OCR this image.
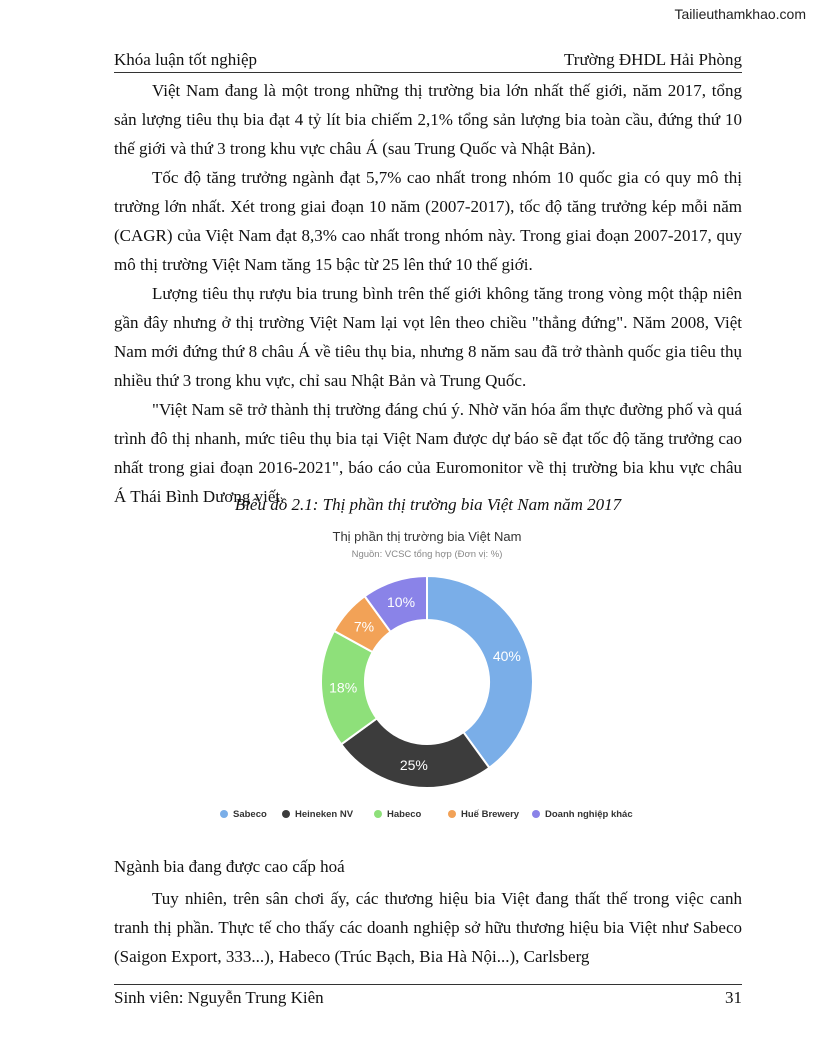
Tailieuthamkhao.com
Khóa luận tốt nghiệp	Trường ĐHDL Hải Phòng

Việt Nam đang là một trong những thị trường bia lớn nhất thế giới, năm 2017, tổng sản lượng tiêu thụ bia đạt 4 tỷ lít bia chiếm 2,1% tổng sản lượng bia toàn cầu, đứng thứ 10 thế giới và thứ 3 trong khu vực châu Á (sau Trung Quốc và Nhật Bản).

Tốc độ tăng trưởng ngành đạt 5,7% cao nhất trong nhóm 10 quốc gia có quy mô thị trường lớn nhất. Xét trong giai đoạn 10 năm (2007-2017), tốc độ tăng trưởng kép mỗi năm (CAGR) của Việt Nam đạt 8,3% cao nhất trong nhóm này. Trong giai đoạn 2007-2017, quy mô thị trường Việt Nam tăng 15 bậc từ 25 lên thứ 10 thế giới.

Lượng tiêu thụ rượu bia trung bình trên thế giới không tăng trong vòng một thập niên gần đây nhưng ở thị trường Việt Nam lại vọt lên theo chiều "thẳng đứng". Năm 2008, Việt Nam mới đứng thứ 8 châu Á về tiêu thụ bia, nhưng 8 năm sau đã trở thành quốc gia tiêu thụ nhiều thứ 3 trong khu vực, chỉ sau Nhật Bản và Trung Quốc.

"Việt Nam sẽ trở thành thị trường đáng chú ý. Nhờ văn hóa ẩm thực đường phố và quá trình đô thị nhanh, mức tiêu thụ bia tại Việt Nam được dự báo sẽ đạt tốc độ tăng trưởng cao nhất trong giai đoạn 2016-2021", báo cáo của Euromonitor về thị trường bia khu vực châu Á Thái Bình Dương viết.

Biểu đồ 2.1: Thị phần thị trường bia Việt Nam năm 2017
Thị phần thị trường bia Việt Nam
Nguồn: VCSC tổng hợp (Đơn vị: %)
40%
25%
18%
7%
10%
Sabeco	Heineken NV	Habeco	Huế Brewery	Doanh nghiệp khác
Ngành bia đang được cao cấp hoá

Tuy nhiên, trên sân chơi ấy, các thương hiệu bia Việt đang thất thế trong việc canh tranh thị phần. Thực tế cho thấy các doanh nghiệp sở hữu thương hiệu bia Việt như Sabeco (Saigon Export, 333...), Habeco (Trúc Bạch, Bia Hà Nội...), Carlsberg

Sinh viên: Nguyễn Trung Kiên	31
